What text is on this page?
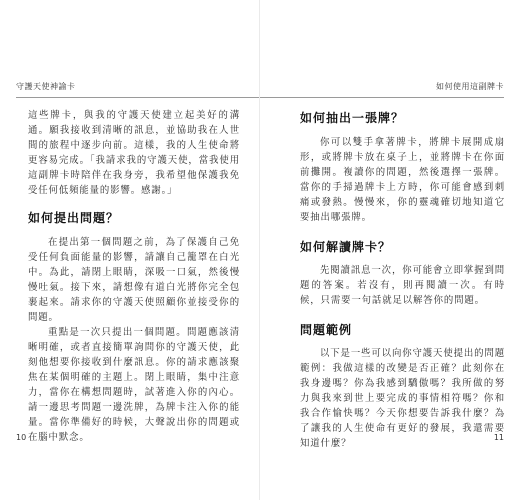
守護天使神諭卡

這些牌卡，與我的守護天使建立起美好的溝通。願我接收到清晰的訊息，並協助我在人世間的旅程中逐步向前。這樣，我的人生使命將更容易完成。「我請求我的守護天使，當我使用這副牌卡時陪伴在我身旁，我希望他保護我免受任何低頻能量的影響。感謝。」

如何提出問題？

在提出第一個問題之前，為了保護自己免受任何負面能量的影響，請讓自己籠罩在白光中。為此，請閉上眼睛，深吸一口氣，然後慢慢吐氣。接下來，請想像有道白光將你完全包裹起來。請求你的守護天使照顧你並接受你的問題。

重點是一次只提出一個問題。問題應該清晰明確，或者直接簡單詢問你的守護天使，此刻他想要你接收到什麼訊息。你的請求應該聚焦在某個明確的主題上。閉上眼睛，集中注意力，當你在構想問題時，試著進入你的內心。請一邊思考問題一邊洗牌，為牌卡注入你的能量。當你準備好的時候，大聲說出你的問題或在腦中默念。

10
如何使用這副牌卡
如何抽出一張牌？

你可以雙手拿著牌卡，將牌卡展開成扇形，或將牌卡放在桌子上，並將牌卡在你面前攤開。複讀你的問題，然後選擇一張牌。當你的手掃過牌卡上方時，你可能會感到刺痛或發熱。慢慢來，你的靈魂確切地知道它要抽出哪張牌。

如何解讀牌卡？

先閱讀訊息一次，你可能會立即掌握到問題的答案。若沒有，則再閱讀一次。有時候，只需要一句話就足以解答你的問題。

問題範例

以下是一些可以向你守護天使提出的問題範例：我做這樣的改變是否正確？此刻你在我身邊嗎？你為我感到驕傲嗎？我所做的努力與我來到世上要完成的事情相符嗎？你和我合作愉快嗎？今天你想要告訴我什麼？為了讓我的人生使命有更好的發展，我還需要知道什麼？

11
